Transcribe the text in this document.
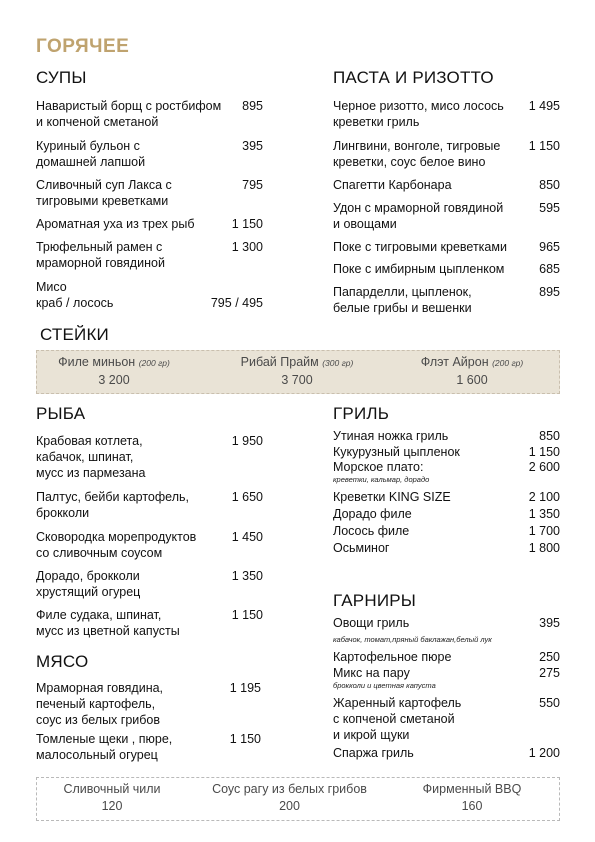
ГОРЯЧЕЕ
СУПЫ
Наваристый борщ с ростбифом
и копченой сметаной
895
Куриный бульон с
домашней лапшой
395
Сливочный суп Лакса с
тигровыми креветками
795
Ароматная уха из трех рыб	1 150
Трюфельный рамен с
мраморной говядиной
1 300
Мисо
краб / лосось	795 / 495
ПАСТА И РИЗОТТО
Черное ризотто, мисо лосось
креветки гриль
1 495
Лингвини, вонголе, тигровые
креветки, соус белое вино
1 150
Спагетти Карбонара	850
Удон с мраморной говядиной
и овощами
595
Поке с тигровыми креветками	965
Поке с имбирным цыпленком	685
Папарделли, цыпленок,
белые грибы и вешенки
895
СТЕЙКИ
Филе миньон (200 гр)
3 200
Рибай Прайм (300 гр)
3 700
Флэт Айрон (200 гр)
1 600
РЫБА
Крабовая котлета,
кабачок, шпинат,
мусс из пармезана
1 950
Палтус, бейби картофель,
брокколи
1 650
Сковородка морепродуктов
со сливочным соусом
1 450
Дорадо, брокколи
хрустящий огурец
1 350
Филе судака, шпинат,
мусс из цветной капусты
1 150
МЯСО
Мраморная говядина,
печеный картофель,
соус из белых грибов
1 195
Томленые щеки , пюре,
малосольный огурец
1 150
ГРИЛЬ
Утиная ножка гриль	850
Кукурузный цыпленок	1 150
Морское плато:
креветки, кальмар, дорадо
2 600
Креветки KING SIZE	2 100
Дорадо филе	1 350
Лосось филе	1 700
Осьминог	1 800
ГАРНИРЫ
Овощи гриль
кабачок, томат,пряный баклажан,белый лук
395
Картофельное пюре	250
Микс на пару
брокколи и цветная капуста
275
Жаренный картофель
с копченой сметаной
и икрой щуки
550
Спаржа гриль	1 200
Сливочный чили
120
Соус рагу из белых грибов
200
Фирменный BBQ
160
